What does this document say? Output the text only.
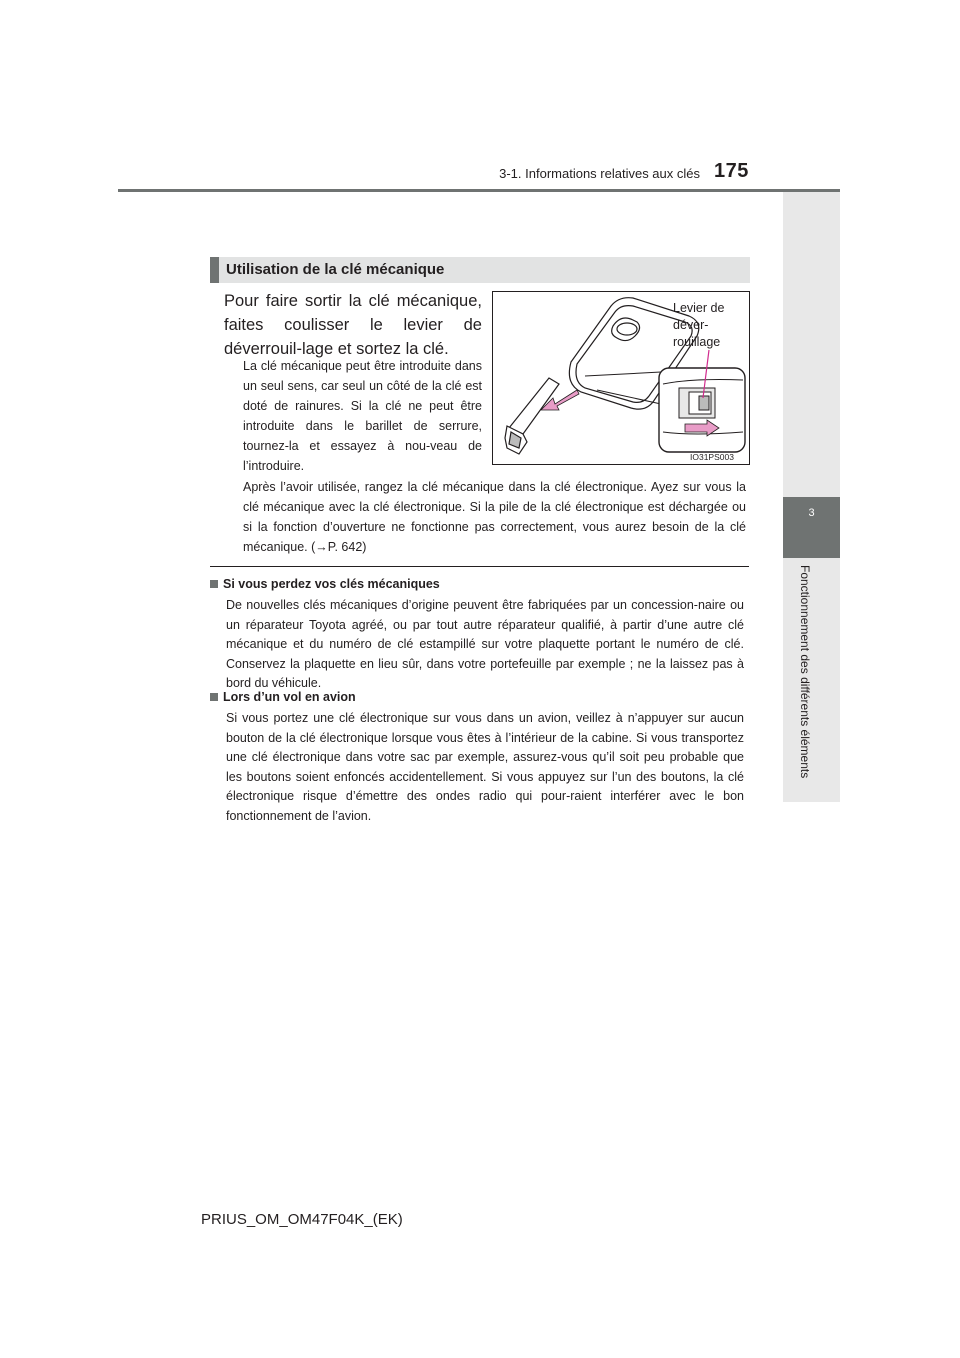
3-1. Informations relatives aux clés 175
3
Fonctionnement des différents éléments
Utilisation de la clé mécanique
Pour faire sortir la clé mécanique, faites coulisser le levier de déverrouil-lage et sortez la clé.
La clé mécanique peut être introduite dans un seul sens, car seul un côté de la clé est doté de rainures. Si la clé ne peut être introduite dans le barillet de serrure, tournez-la et essayez à nou-veau de l’introduire.
Après l’avoir utilisée, rangez la clé mécanique dans la clé électronique. Ayez sur vous la clé mécanique avec la clé électronique. Si la pile de la clé électronique est déchargée ou si la fonction d’ouverture ne fonctionne pas correctement, vous aurez besoin de la clé mécanique. (→P. 642)
Levier de
déver-
rouillage
IO31PS003
Si vous perdez vos clés mécaniques
De nouvelles clés mécaniques d’origine peuvent être fabriquées par un concession-naire ou un réparateur Toyota agréé, ou par tout autre réparateur qualifié, à partir d’une autre clé mécanique et du numéro de clé estampillé sur votre plaquette portant le numéro de clé. Conservez la plaquette en lieu sûr, dans votre portefeuille par exemple ; ne la laissez pas à bord du véhicule.
Lors d’un vol en avion
Si vous portez une clé électronique sur vous dans un avion, veillez à n’appuyer sur aucun bouton de la clé électronique lorsque vous êtes à l’intérieur de la cabine. Si vous transportez une clé électronique dans votre sac par exemple, assurez-vous qu’il soit peu probable que les boutons soient enfoncés accidentellement. Si vous appuyez sur l’un des boutons, la clé électronique risque d’émettre des ondes radio qui pour-raient interférer avec le bon fonctionnement de l’avion.
PRIUS_OM_OM47F04K_(EK)
